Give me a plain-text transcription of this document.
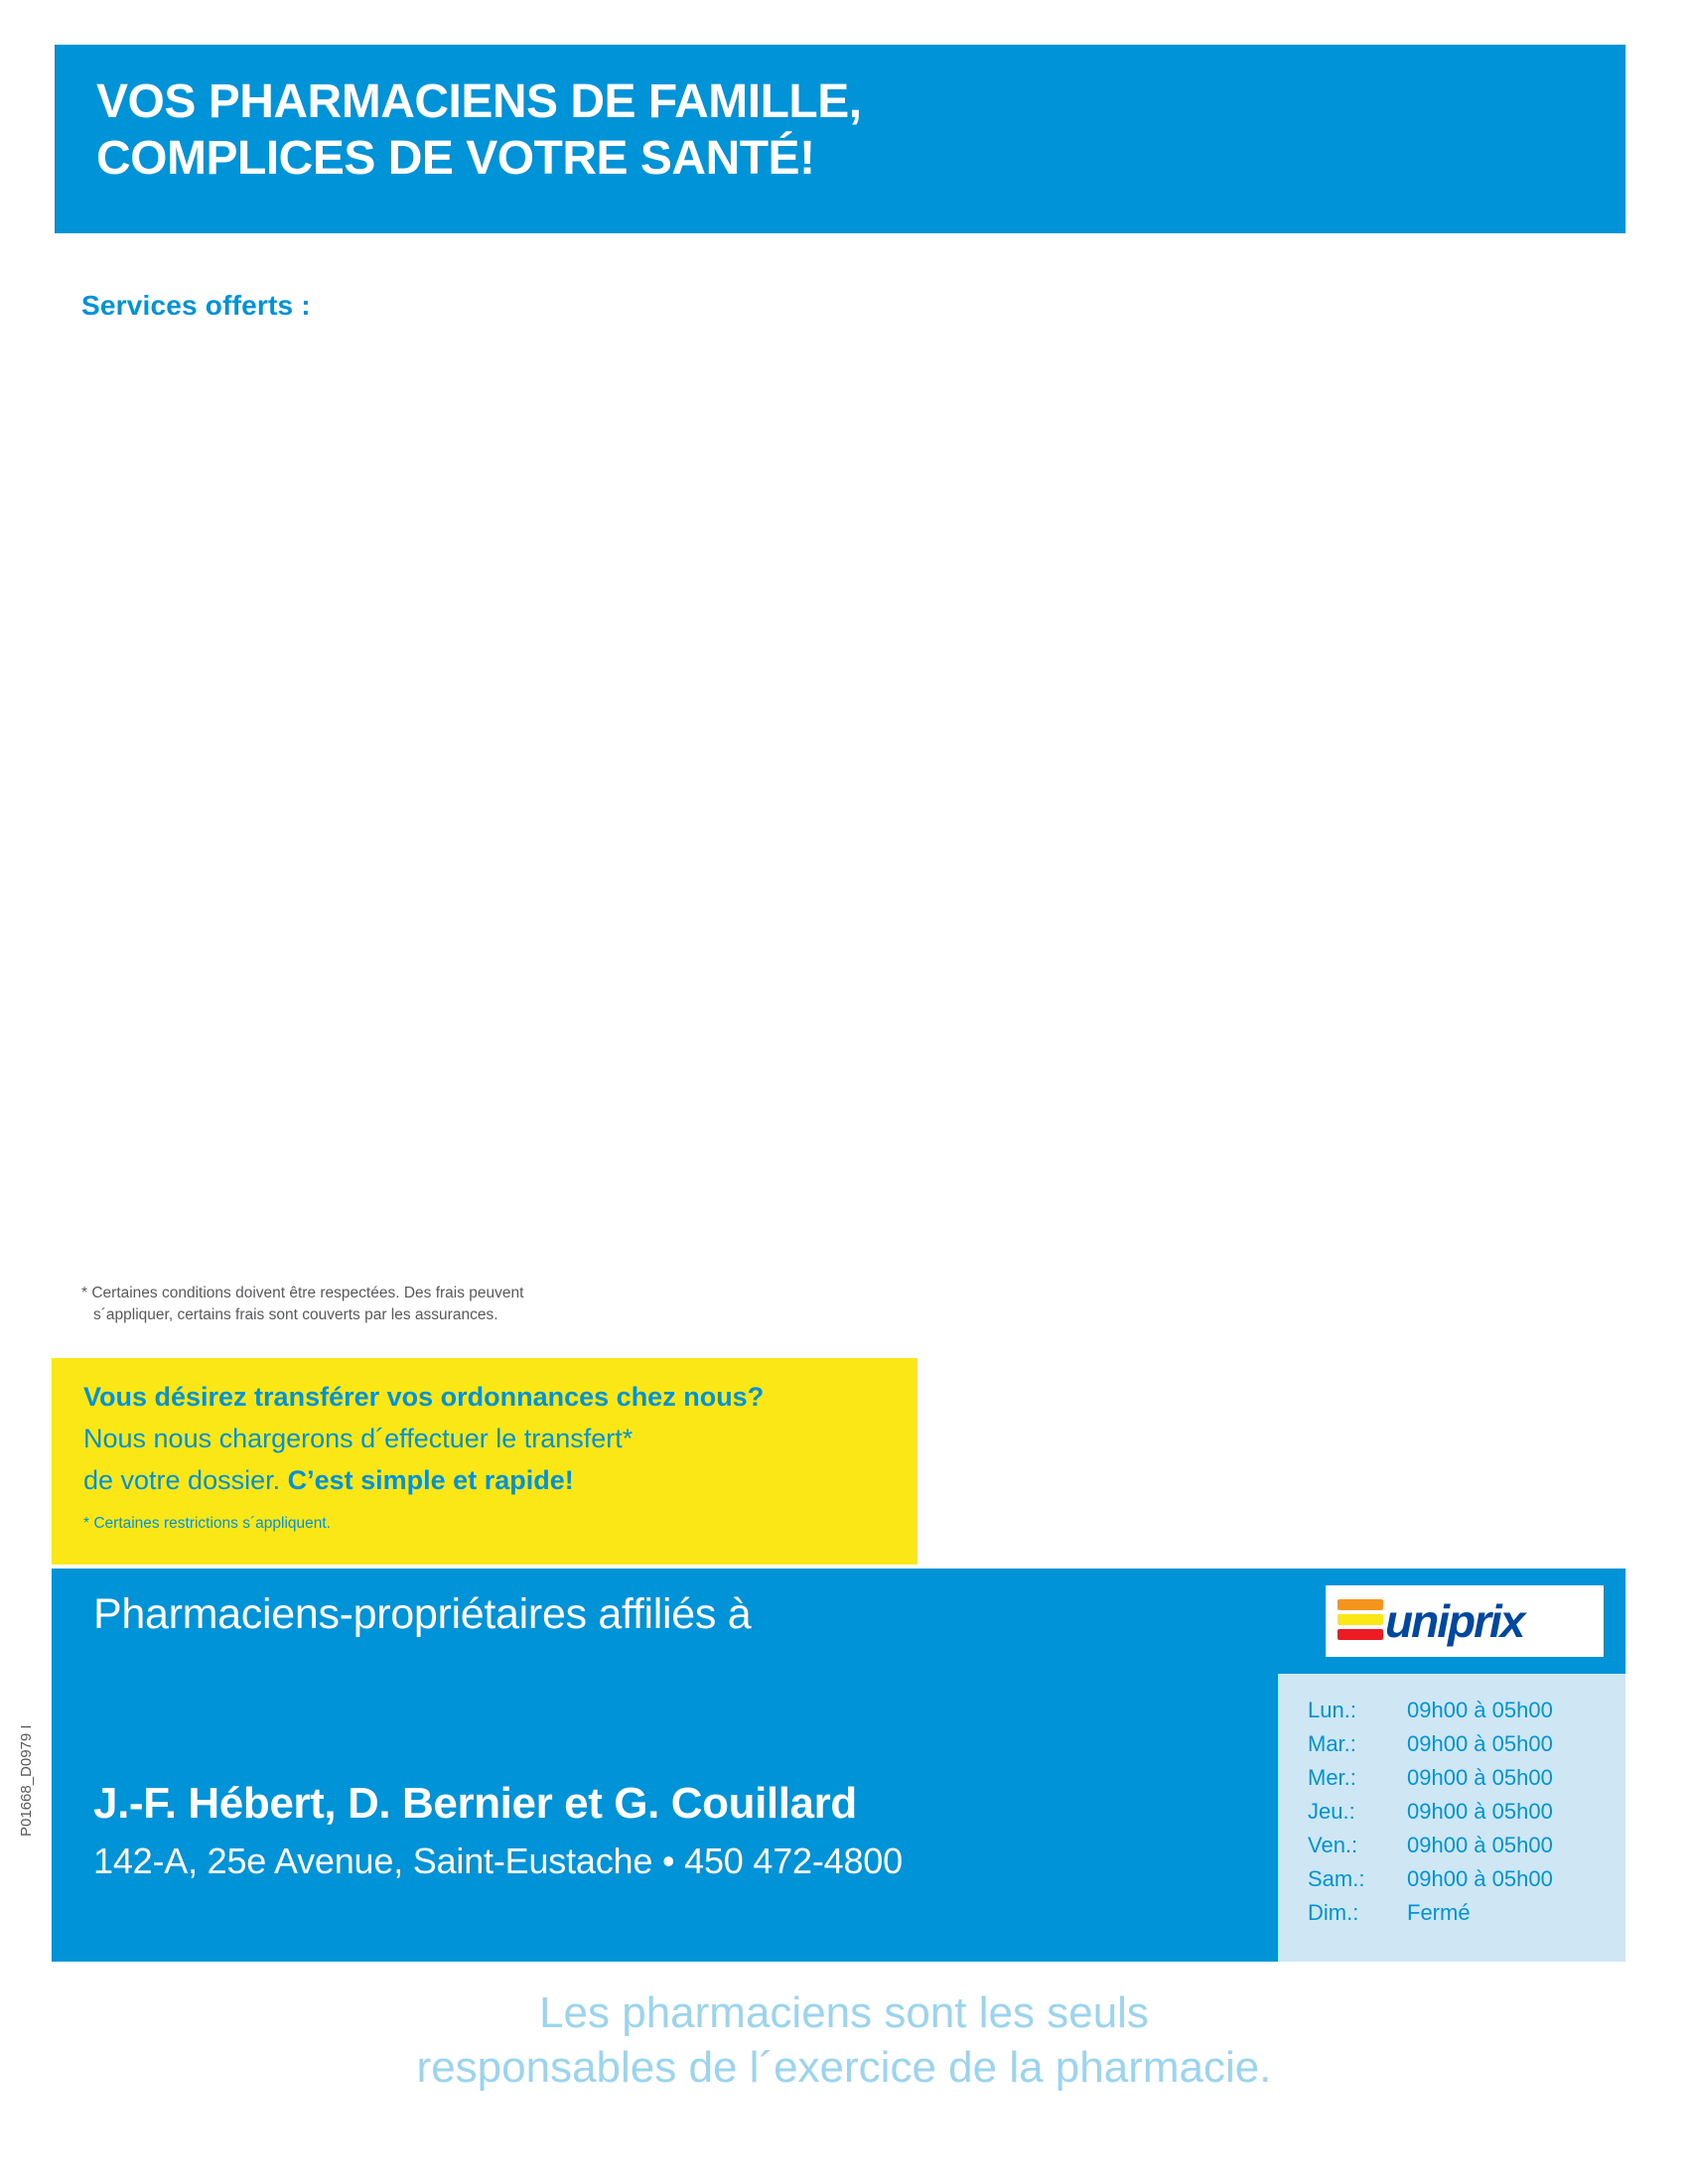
VOS PHARMACIENS DE FAMILLE,
COMPLICES DE VOTRE SANTÉ!
Services offerts :
* Certaines conditions doivent être respectées. Des frais peuvent
s´appliquer, certains frais sont couverts par les assurances.
Vous désirez transférer vos ordonnances chez nous?
Nous nous chargerons d´effectuer le transfert*
de votre dossier. C’est simple et rapide!
* Certaines restrictions s´appliquent.
Pharmaciens-propriétaires affiliés à	uniprix
J.-F. Hébert, D. Bernier et G. Couillard
142-A, 25e Avenue, Saint-Eustache • 450 472-4800
Lun.:	09h00 à 05h00
Mar.:	09h00 à 05h00
Mer.:	09h00 à 05h00
Jeu.:	09h00 à 05h00
Ven.:	09h00 à 05h00
Sam.:	09h00 à 05h00
Dim.:	Fermé
P01668_D0979 I
Les pharmaciens sont les seuls
responsables de l´exercice de la pharmacie.
